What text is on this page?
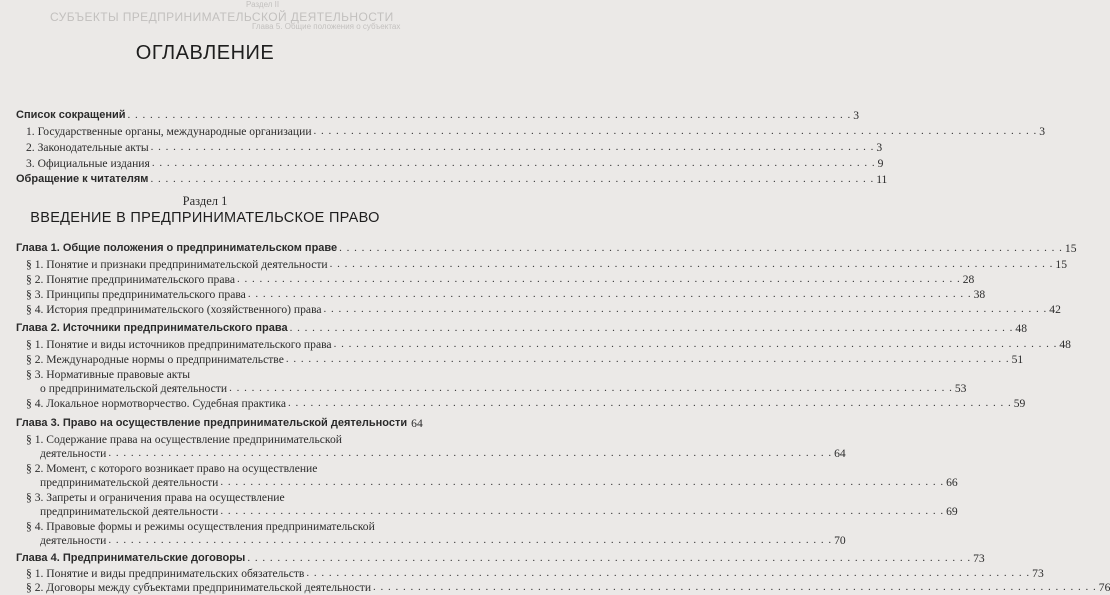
Раздел II
СУБЪЕКТЫ ПРЕДПРИНИМАТЕЛЬСКОЙ ДЕЯТЕЛЬНОСТИ
Глава 5. Общие положения о субъектах
ОГЛАВЛЕНИЕ
Список сокращений . . .	3
1. Государственные органы, международные организации . . .	3
2. Законодательные акты . . .	3
3. Официальные издания . . .	9
Обращение к читателям . . .	11
Раздел 1
ВВЕДЕНИЕ В ПРЕДПРИНИМАТЕЛЬСКОЕ ПРАВО
Глава 1. Общие положения о предпринимательском праве . . .	15
§ 1. Понятие и признаки предпринимательской деятельности . . .	15
§ 2. Понятие предпринимательского права . . .	28
§ 3. Принципы предпринимательского права . . .	38
§ 4. История предпринимательского (хозяйственного) права . . .	42
Глава 2. Источники предпринимательского права . . .	48
§ 1. Понятие и виды источников предпринимательского права . . .	48
§ 2. Международные нормы о предпринимательстве . . .	51
§ 3. Нормативные правовые акты
о предпринимательской деятельности . . .	53
§ 4. Локальное нормотворчество. Судебная практика . . .	59
Глава 3. Право на осуществление предпринимательской деятельности 64
§ 1. Содержание права на осуществление предпринимательской
деятельности . . .	64
§ 2. Момент, с которого возникает право на осуществление
предпринимательской деятельности . . .	66
§ 3. Запреты и ограничения права на осуществление
предпринимательской деятельности . . .	69
§ 4. Правовые формы и режимы осуществления предпринимательской
деятельности . . .	70
Глава 4. Предпринимательские договоры . . .	73
§ 1. Понятие и виды предпринимательских обязательств . . .	73
§ 2. Договоры между субъектами предпринимательской деятельности . . .	76
